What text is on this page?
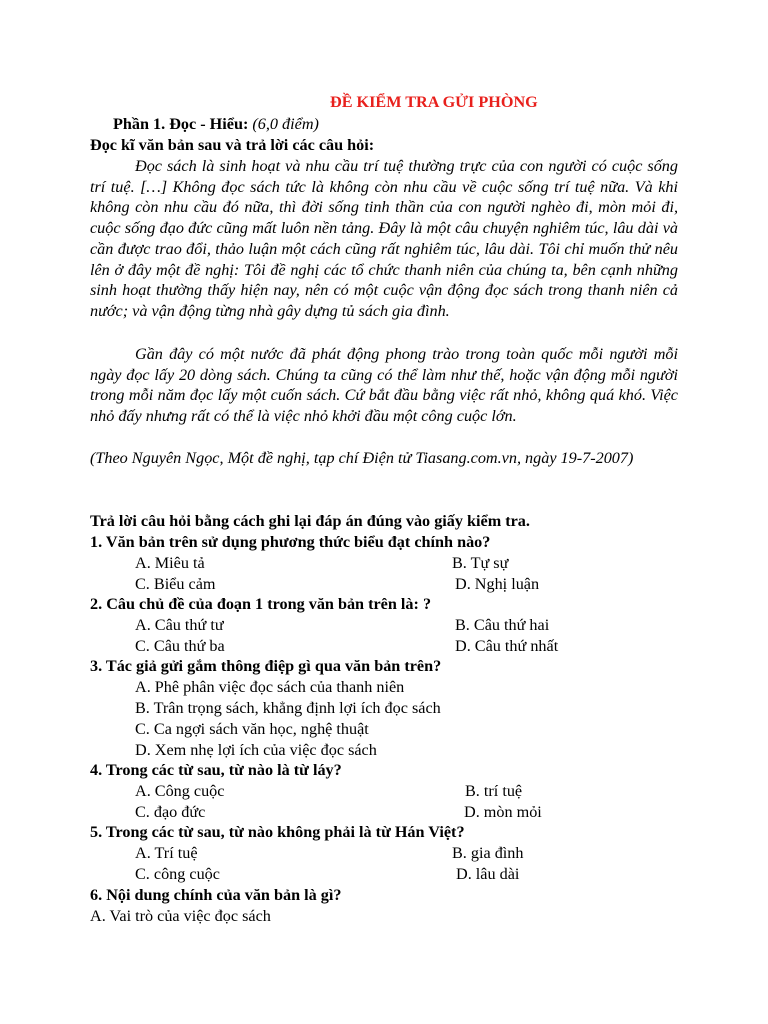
ĐỀ KIỂM TRA GỬI PHÒNG
Phần 1. Đọc - Hiểu: (6,0 điểm)
Đọc kĩ văn bản sau và trả lời các câu hỏi:
Đọc sách là sinh hoạt và nhu cầu trí tuệ thường trực của con người có cuộc sống trí tuệ. […] Không đọc sách tức là không còn nhu cầu về cuộc sống trí tuệ nữa. Và khi không còn nhu cầu đó nữa, thì đời sống tinh thần của con người nghèo đi, mòn mỏi đi, cuộc sống đạo đức cũng mất luôn nền tảng. Đây là một câu chuyện nghiêm túc, lâu dài và cần được trao đổi, thảo luận một cách cũng rất nghiêm túc, lâu dài. Tôi chỉ muốn thử nêu lên ở đây một đề nghị: Tôi đề nghị các tổ chức thanh niên của chúng ta, bên cạnh những sinh hoạt thường thấy hiện nay, nên có một cuộc vận động đọc sách trong thanh niên cả nước; và vận động từng nhà gây dựng tủ sách gia đình.
Gần đây có một nước đã phát động phong trào trong toàn quốc mỗi người mỗi ngày đọc lấy 20 dòng sách. Chúng ta cũng có thể làm như thế, hoặc vận động mỗi người trong mỗi năm đọc lấy một cuốn sách. Cứ bắt đầu bằng việc rất nhỏ, không quá khó. Việc nhỏ đấy nhưng rất có thể là việc nhỏ khởi đầu một công cuộc lớn.
(Theo Nguyên Ngọc, Một đề nghị, tạp chí Điện tử Tiasang.com.vn, ngày 19-7-2007)
Trả lời câu hỏi bằng cách ghi lại đáp án đúng vào giấy kiểm tra.
1. Văn bản trên sử dụng phương thức biểu đạt chính nào?
A. Miêu tả	B. Tự sự
C. Biểu cảm	D. Nghị luận
2. Câu chủ đề của đoạn 1 trong văn bản trên là: ?
A. Câu thứ tư	B. Câu thứ hai
C. Câu thứ ba	D. Câu thứ nhất
3. Tác giả gửi gắm thông điệp gì qua văn bản trên?
A. Phê phân việc đọc sách của thanh niên
B. Trân trọng sách, khẳng định lợi ích đọc sách
C. Ca ngợi sách văn học, nghệ thuật
D. Xem nhẹ lợi ích của việc đọc sách
4. Trong các từ sau, từ nào là từ láy?
A. Công cuộc	B. trí tuệ
C. đạo đức	D. mòn mỏi
5. Trong các từ sau, từ nào không phải là từ Hán Việt?
A. Trí tuệ	B. gia đình
C. công cuộc	D. lâu dài
6. Nội dung chính của văn bản là gì?
A. Vai trò của việc đọc sách
